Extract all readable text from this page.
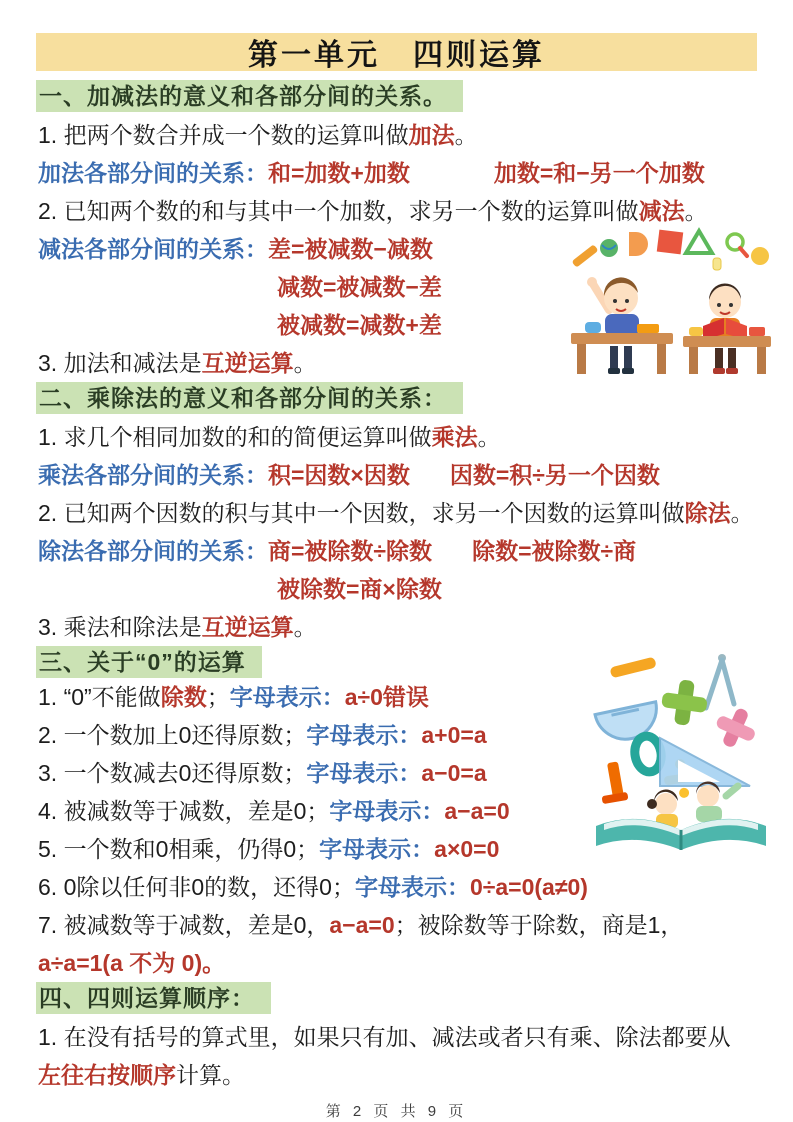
第一单元　四则运算
一、加减法的意义和各部分间的关系。
1. 把两个数合并成一个数的运算叫做加法。
加法各部分间的关系：和=加数+加数	加数=和−另一个加数
2. 已知两个数的和与其中一个加数，求另一个数的运算叫做减法。
减法各部分间的关系：差=被减数−减数
减数=被减数−差
被减数=减数+差
3. 加法和减法是互逆运算。
二、乘除法的意义和各部分间的关系：
1. 求几个相同加数的和的简便运算叫做乘法。
乘法各部分间的关系：积=因数×因数 因数=积÷另一个因数
2. 已知两个因数的积与其中一个因数，求另一个因数的运算叫做除法。
除法各部分间的关系：商=被除数÷除数 除数=被除数÷商
被除数=商×除数
3. 乘法和除法是互逆运算。
三、关于“0”的运算
1. “0”不能做除数；字母表示：a÷0错误
2. 一个数加上0还得原数；字母表示：a+0=a
3. 一个数减去0还得原数；字母表示：a−0=a
4. 被减数等于减数，差是0；字母表示：a−a=0
5. 一个数和0相乘，仍得0；字母表示：a×0=0
6. 0除以任何非0的数，还得0；字母表示：0÷a=0(a≠0)
7. 被减数等于减数，差是0，a−a=0；被除数等于除数，商是1，
a÷a=1(a 不为 0)。
四、四则运算顺序：
1. 在没有括号的算式里，如果只有加、减法或者只有乘、除法都要从
左往右按顺序计算。
第 2 页 共 9 页
